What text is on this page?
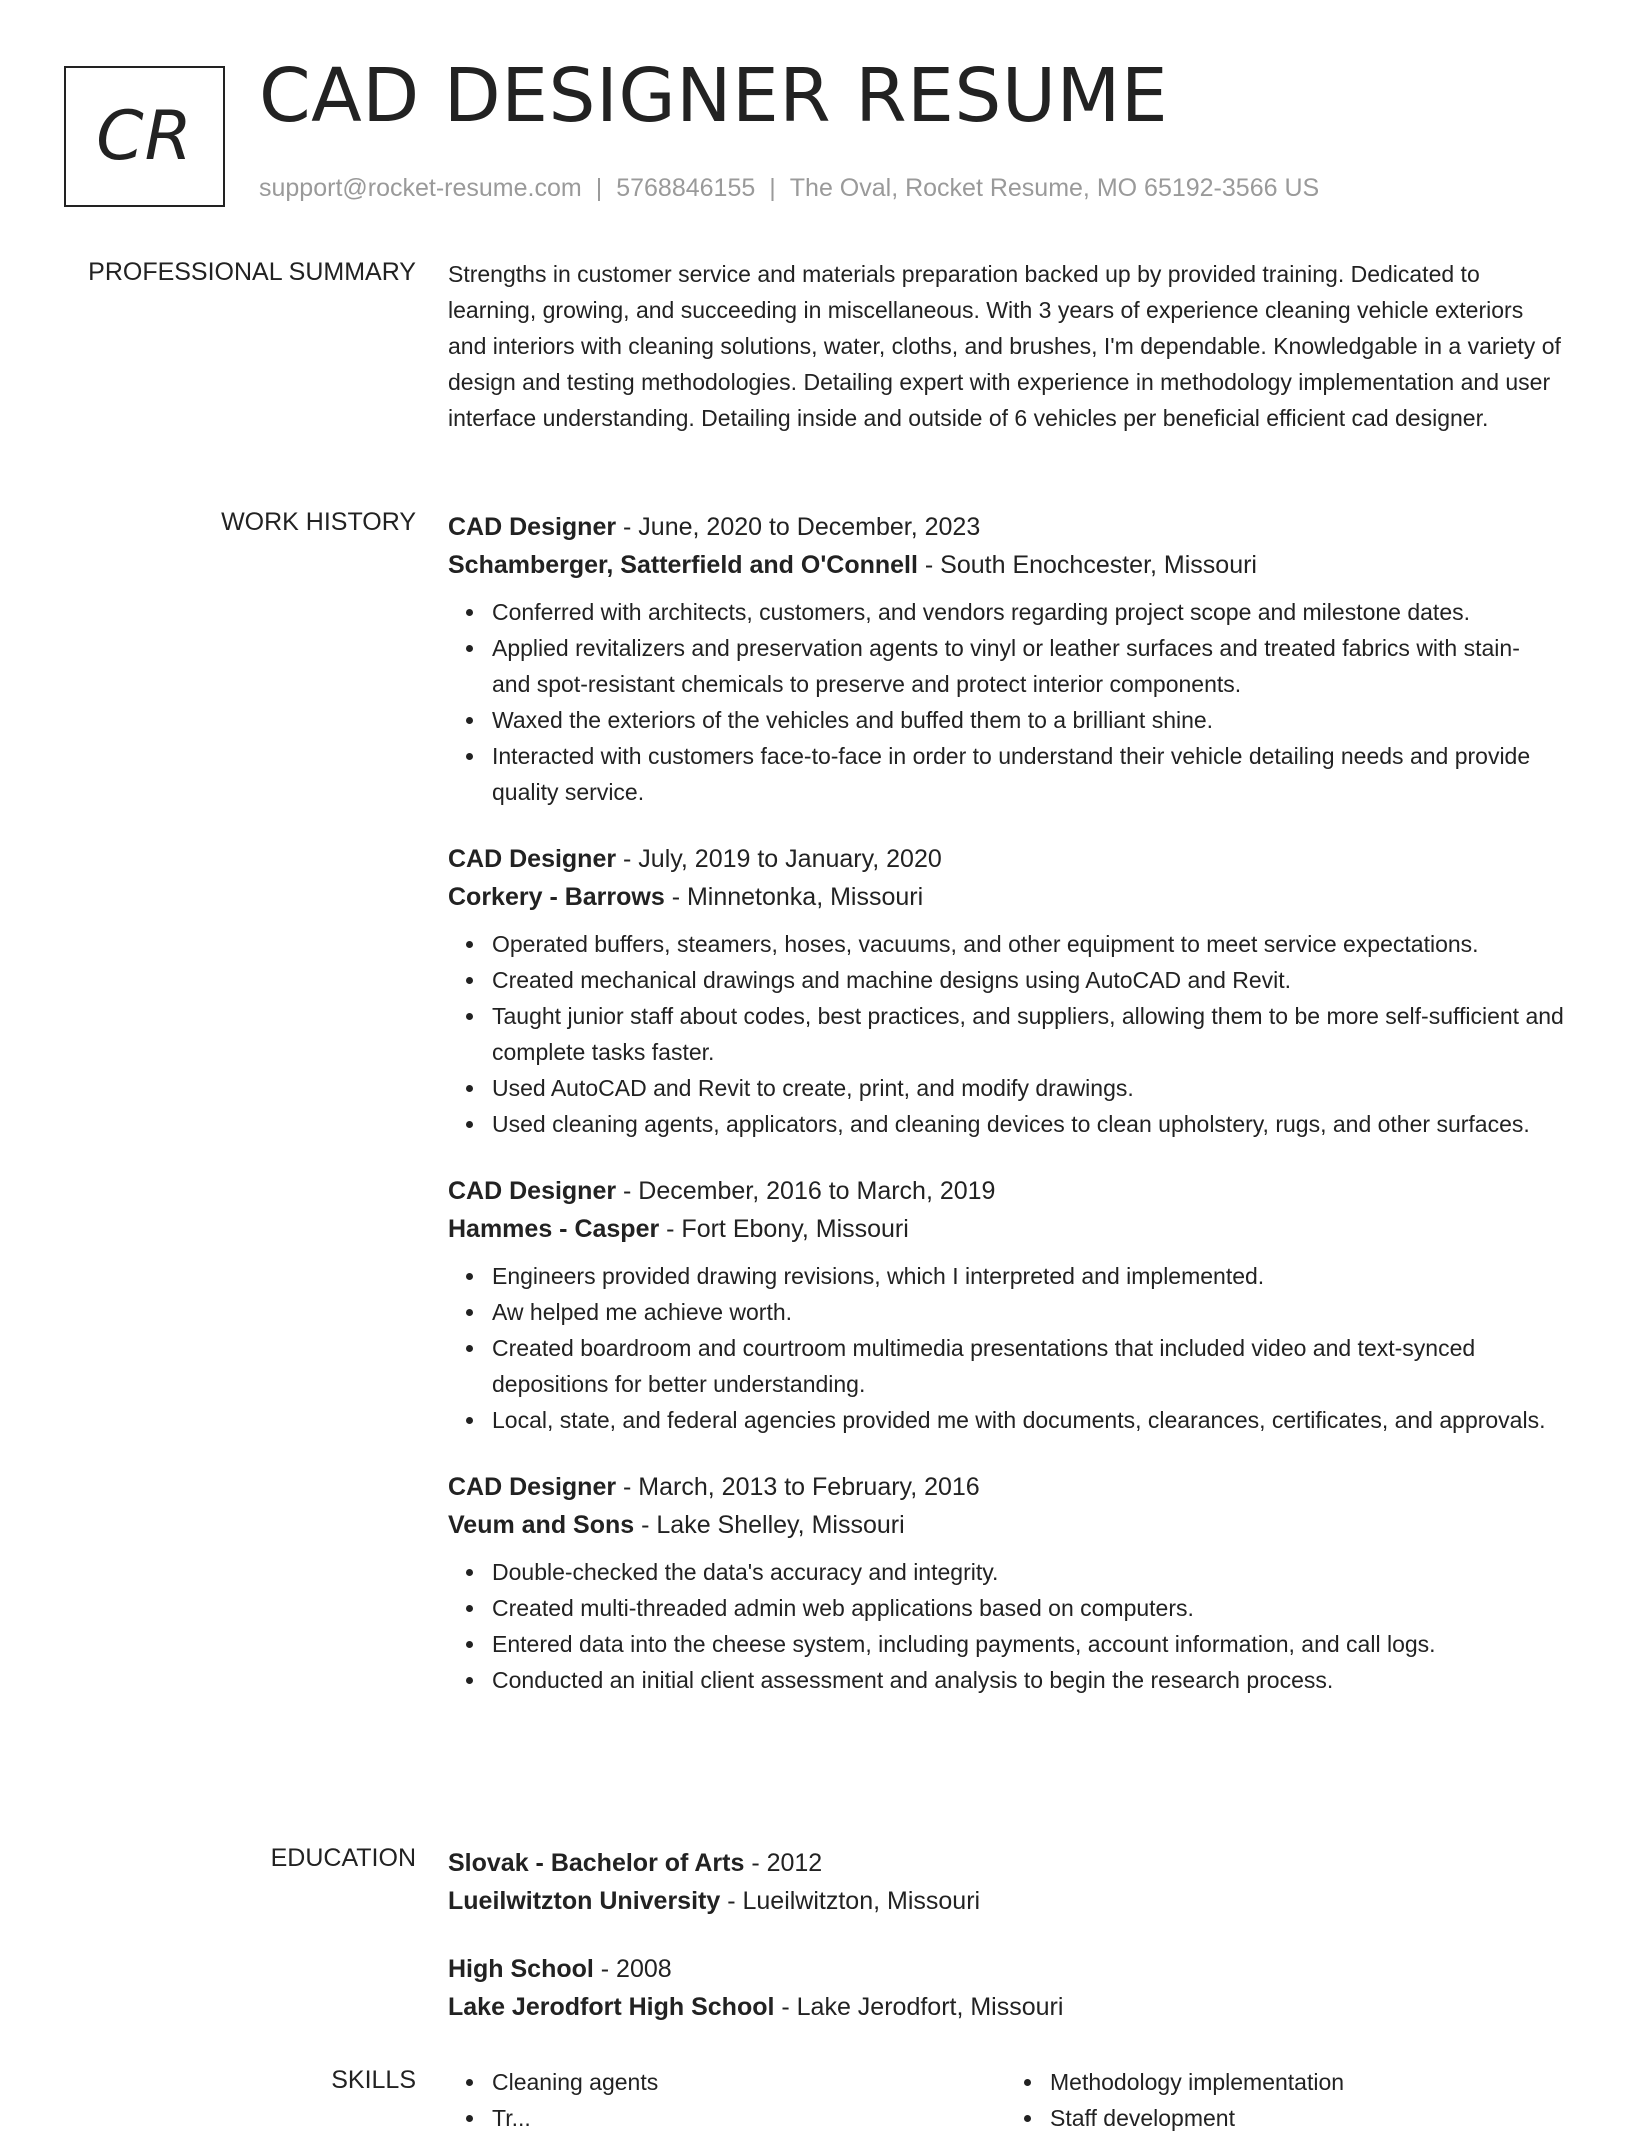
CR CAD DESIGNER RESUME
support@rocket-resume.com | 5768846155 | The Oval, Rocket Resume, MO 65192-3566 US
PROFESSIONAL SUMMARY Strengths in customer service and materials preparation backed up by provided training. Dedicated to learning, growing, and succeeding in miscellaneous. With 3 years of experience cleaning vehicle exteriors and interiors with cleaning solutions, water, cloths, and brushes, I'm dependable. Knowledgable in a variety of design and testing methodologies. Detailing expert with experience in methodology implementation and user interface understanding. Detailing inside and outside of 6 vehicles per beneficial efficient cad designer.

WORK HISTORY CAD Designer - June, 2020 to December, 2023
Schamberger, Satterfield and O'Connell - South Enochcester, Missouri
Conferred with architects, customers, and vendors regarding project scope and milestone dates.
Applied revitalizers and preservation agents to vinyl or leather surfaces and treated fabrics with stain- and spot-resistant chemicals to preserve and protect interior components.
Waxed the exteriors of the vehicles and buffed them to a brilliant shine.
Interacted with customers face-to-face in order to understand their vehicle detailing needs and provide quality service.
CAD Designer - July, 2019 to January, 2020
Corkery - Barrows - Minnetonka, Missouri
Operated buffers, steamers, hoses, vacuums, and other equipment to meet service expectations.
Created mechanical drawings and machine designs using AutoCAD and Revit.
Taught junior staff about codes, best practices, and suppliers, allowing them to be more self-sufficient and complete tasks faster.
Used AutoCAD and Revit to create, print, and modify drawings.
Used cleaning agents, applicators, and cleaning devices to clean upholstery, rugs, and other surfaces.
CAD Designer - December, 2016 to March, 2019
Hammes - Casper - Fort Ebony, Missouri
Engineers provided drawing revisions, which I interpreted and implemented.
Aw helped me achieve worth.
Created boardroom and courtroom multimedia presentations that included video and text-synced depositions for better understanding.
Local, state, and federal agencies provided me with documents, clearances, certificates, and approvals.
CAD Designer - March, 2013 to February, 2016
Veum and Sons - Lake Shelley, Missouri
Double-checked the data's accuracy and integrity.
Created multi-threaded admin web applications based on computers.
Entered data into the cheese system, including payments, account information, and call logs.
Conducted an initial client assessment and analysis to begin the research process.
EDUCATION Slovak - Bachelor of Arts - 2012
Lueilwitzton University - Lueilwitzton, Missouri
High School - 2008
Lake Jerodfort High School - Lake Jerodfort, Missouri
SKILLS	Cleaning agents
Tr...
Methodology implementation
Staff development
